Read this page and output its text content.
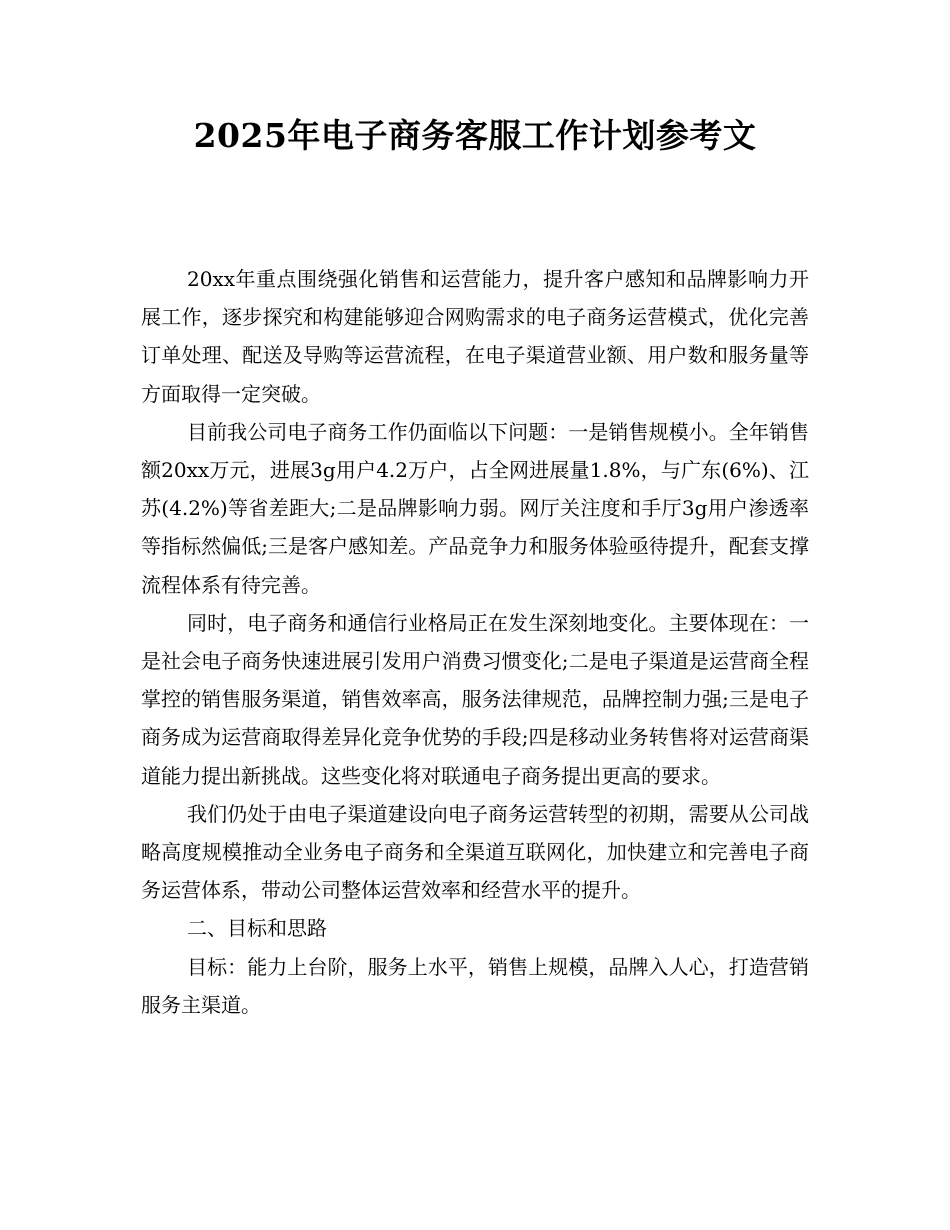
2025年电子商务客服工作计划参考文

20xx年重点围绕强化销售和运营能力，提升客户感知和品牌影响力开展工作，逐步探究和构建能够迎合网购需求的电子商务运营模式，优化完善订单处理、配送及导购等运营流程，在电子渠道营业额、用户数和服务量等方面取得一定突破。

目前我公司电子商务工作仍面临以下问题：一是销售规模小。全年销售额20xx万元，进展3g用户4.2万户，占全网进展量1.8%，与广东(6%)、江苏(4.2%)等省差距大;二是品牌影响力弱。网厅关注度和手厅3g用户渗透率等指标然偏低;三是客户感知差。产品竞争力和服务体验亟待提升，配套支撑流程体系有待完善。

同时，电子商务和通信行业格局正在发生深刻地变化。主要体现在：一是社会电子商务快速进展引发用户消费习惯变化;二是电子渠道是运营商全程掌控的销售服务渠道，销售效率高，服务法律规范，品牌控制力强;三是电子商务成为运营商取得差异化竞争优势的手段;四是移动业务转售将对运营商渠道能力提出新挑战。这些变化将对联通电子商务提出更高的要求。

我们仍处于由电子渠道建设向电子商务运营转型的初期，需要从公司战略高度规模推动全业务电子商务和全渠道互联网化，加快建立和完善电子商务运营体系，带动公司整体运营效率和经营水平的提升。

二、目标和思路

目标：能力上台阶，服务上水平，销售上规模，品牌入人心，打造营销服务主渠道。
